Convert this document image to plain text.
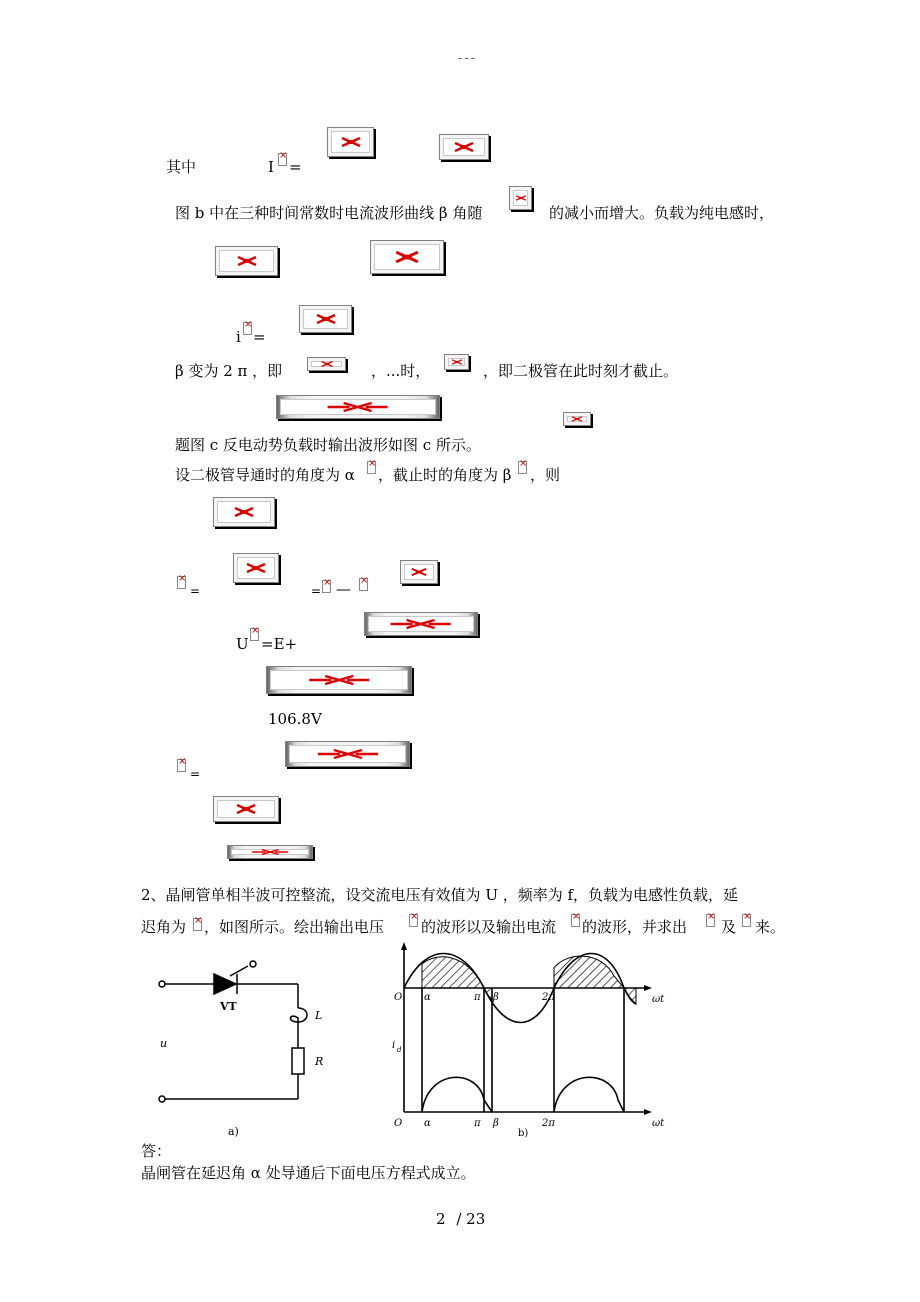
---
其中	I × =
图 b 中在三种时间常数时电流波形曲线 β 角随	的减小而增大。负载为纯电感时，
i × =
β 变为 2 π ，即	，...时，	，即二极管在此时刻才截止。
题图 c 反电动势负载时输出波形如图 c 所示。
设二极管导通时的角度为 α × ，截止时的角度为 β × ，则
×
=	= × —
×
U
× =E+
106.8V
×
=
2、晶闸管单相半波可控整流，设交流电压有效值为 U ，频率为 f，负载为电感性负载，延
迟角为 × ，如图所示。绘出输出电压 × 的波形以及输出电流 × 的波形，并求出 × 及 × 来。
VT
L
R
u
a)
O α	π β	2π	ωt
i d
O α	π β	2π	ωt
b)
答：
晶闸管在延迟角 α 处导通后下面电压方程式成立。
2 / 23
